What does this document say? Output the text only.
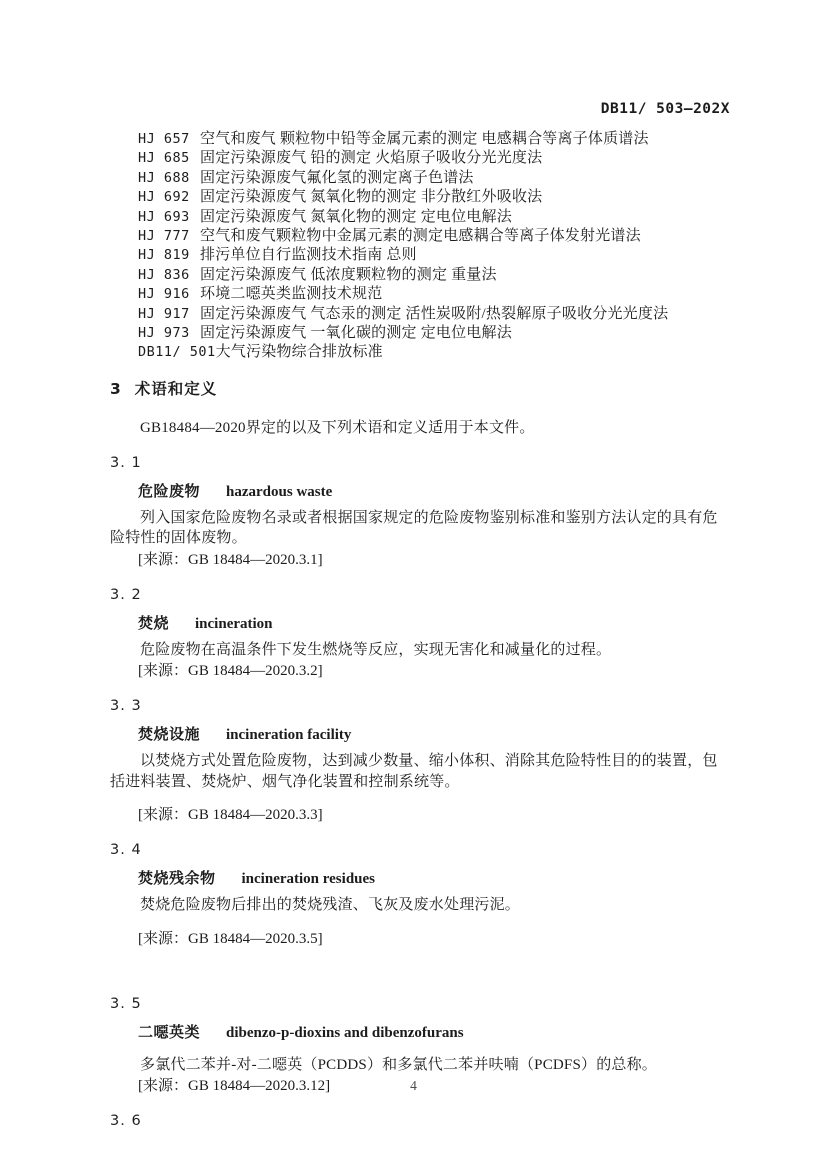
DB11/ 503—202X
HJ 657 空气和废气 颗粒物中铅等金属元素的测定 电感耦合等离子体质谱法
HJ 685 固定污染源废气 铅的测定 火焰原子吸收分光光度法
HJ 688 固定污染源废气氟化氢的测定离子色谱法
HJ 692 固定污染源废气 氮氧化物的测定 非分散红外吸收法
HJ 693 固定污染源废气 氮氧化物的测定 定电位电解法
HJ 777 空气和废气颗粒物中金属元素的测定电感耦合等离子体发射光谱法
HJ 819 排污单位自行监测技术指南 总则
HJ 836 固定污染源废气 低浓度颗粒物的测定 重量法
HJ 916 环境二噁英类监测技术规范
HJ 917 固定污染源废气 气态汞的测定 活性炭吸附/热裂解原子吸收分光光度法
HJ 973 固定污染源废气 一氧化碳的测定 定电位电解法
DB11/ 501大气污染物综合排放标准
3 术语和定义

GB18484—2020界定的以及下列术语和定义适用于本文件。

3. 1
危险废物 hazardous waste

列入国家危险废物名录或者根据国家规定的危险废物鉴别标准和鉴别方法认定的具有危险特性的固体废物。

[来源：GB 18484—2020.3.1]

3. 2
焚烧 incineration

危险废物在高温条件下发生燃烧等反应，实现无害化和减量化的过程。

[来源：GB 18484—2020.3.2]

3. 3
焚烧设施 incineration facility

以焚烧方式处置危险废物，达到减少数量、缩小体积、消除其危险特性目的的装置，包括进料装置、焚烧炉、烟气净化装置和控制系统等。

[来源：GB 18484—2020.3.3]

3. 4
焚烧残余物 incineration residues

焚烧危险废物后排出的焚烧残渣、飞灰及废水处理污泥。

[来源：GB 18484—2020.3.5]

3. 5
二噁英类 dibenzo-p-dioxins and dibenzofurans

多氯代二苯并-对-二噁英（PCDDS）和多氯代二苯并呋喃（PCDFS）的总称。

[来源：GB 18484—2020.3.12]

3. 6
4
